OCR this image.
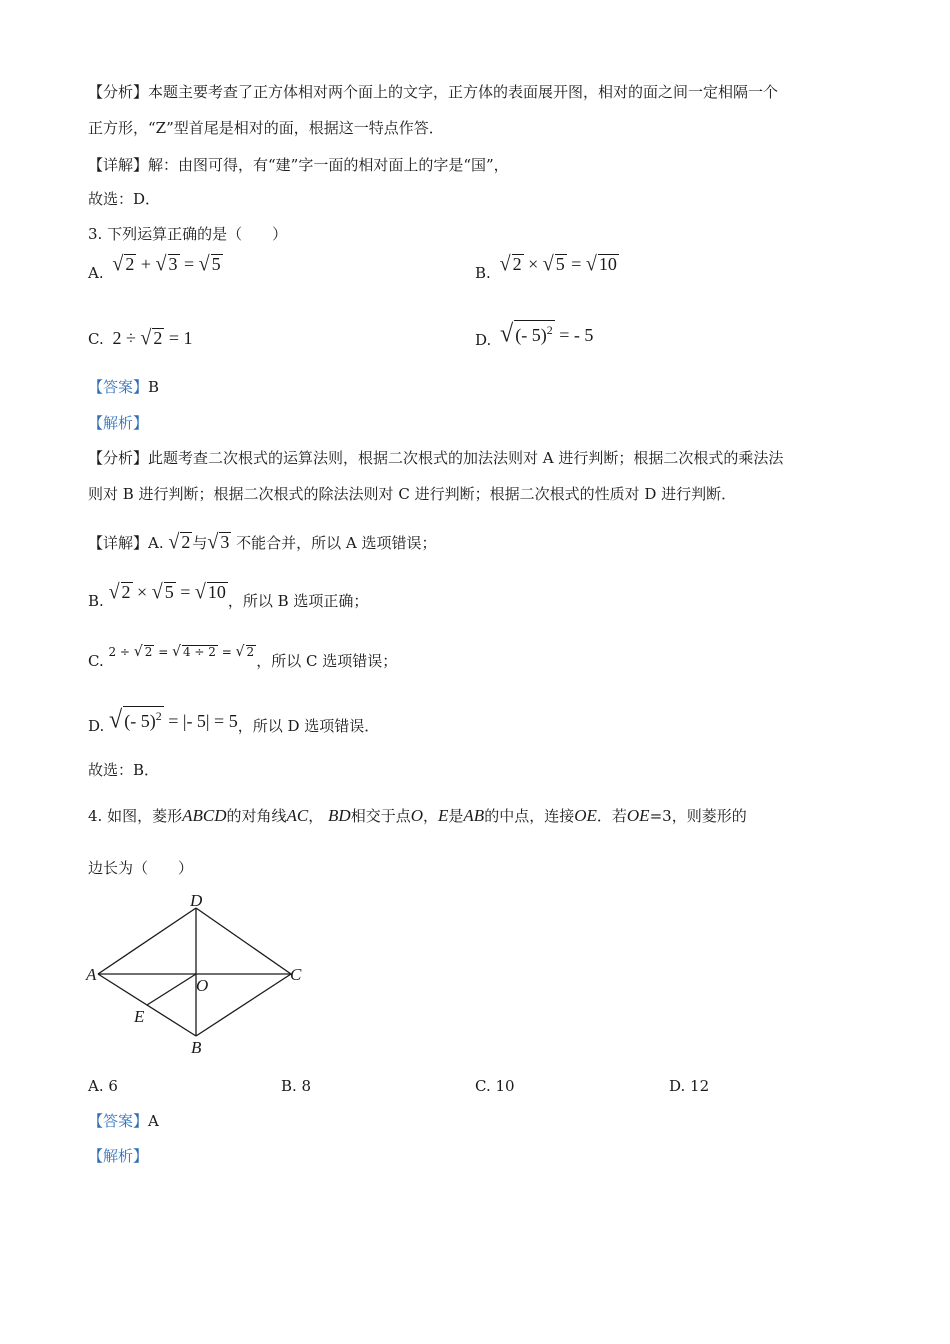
【分析】本题主要考查了正方体相对两个面上的文字，正方体的表面展开图，相对的面之间一定相隔一个
正方形，“Z”型首尾是相对的面，根据这一特点作答．
【详解】解：由图可得，有“建”字一面的相对面上的字是“国”，
故选：D．
3. 下列运算正确的是（　　）
A. √ 2 + √ 3 = √ 5	B. √ 2 × √ 5 = √ 10
C. 2 ÷ √ 2 = 1	D. √ (- 5)$^2$ = - 5
【答案】B
【解析】
【分析】此题考查二次根式的运算法则，根据二次根式的加法法则对 A 进行判断；根据二次根式的乘法法
则对 B 进行判断；根据二次根式的除法法则对 C 进行判断；根据二次根式的性质对 D 进行判断．
【详解】A. √ 2 与√ 3 不能合并，所以 A 选项错误；
B. √ 2 × √ 5 = √ 10 ，所以 B 选项正确；
C. $^{2 \div √ 2 = √ 4 \div 2 = √ 2}$ ，所以 C 选项错误；
D. √ (- 5)$^2$ = |- 5| = 5，所以 D 选项错误．
故选：B．
4. 如图，菱形ABCD的对角线AC， BD相交于点O，E是AB的中点，连接OE．若OE=3，则菱形的
边长为（　　）
D
A	C
O
E
B
A. 6	B. 8	C. 10	D. 12
【答案】A
【解析】
